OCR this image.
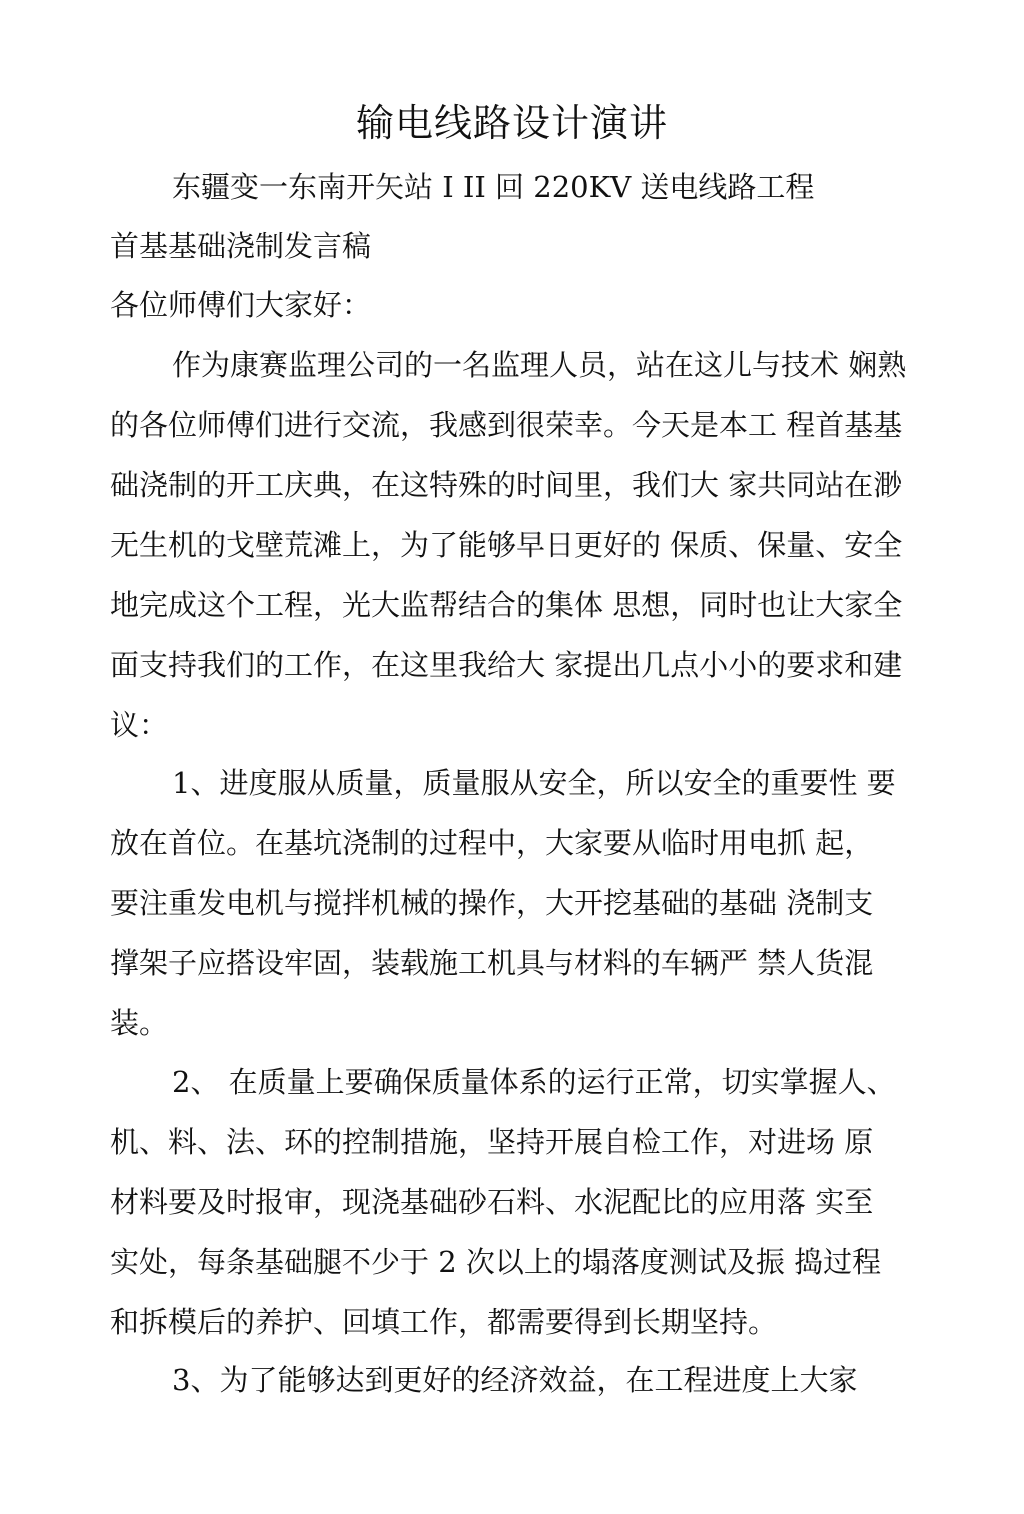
输电线路设计演讲
东疆变一东南开矢站 I II 回 220KV 送电线路工程
首基基础浇制发言稿
各位师傅们大家好：
作为康赛监理公司的一名监理人员，站在这儿与技术 娴熟
的各位师傅们进行交流，我感到很荣幸。今天是本工 程首基基
础浇制的开工庆典，在这特殊的时间里，我们大 家共同站在渺
无生机的戈壁荒滩上，为了能够早日更好的 保质、保量、安全
地完成这个工程，光大监帮结合的集体 思想，同时也让大家全
面支持我们的工作，在这里我给大 家提出几点小小的要求和建
议：
1、进度服从质量，质量服从安全，所以安全的重要性 要
放在首位。在基坑浇制的过程中，大家要从临时用电抓 起，
要注重发电机与搅拌机械的操作，大开挖基础的基础 浇制支
撑架子应搭设牢固，装载施工机具与材料的车辆严 禁人货混
装。
2、 在质量上要确保质量体系的运行正常，切实掌握人、
机、料、法、环的控制措施，坚持开展自检工作，对进场 原
材料要及时报审，现浇基础砂石料、水泥配比的应用落 实至
实处，每条基础腿不少于 2 次以上的塌落度测试及振 捣过程
和拆模后的养护、回填工作，都需要得到长期坚持。
3、为了能够达到更好的经济效益，在工程进度上大家
